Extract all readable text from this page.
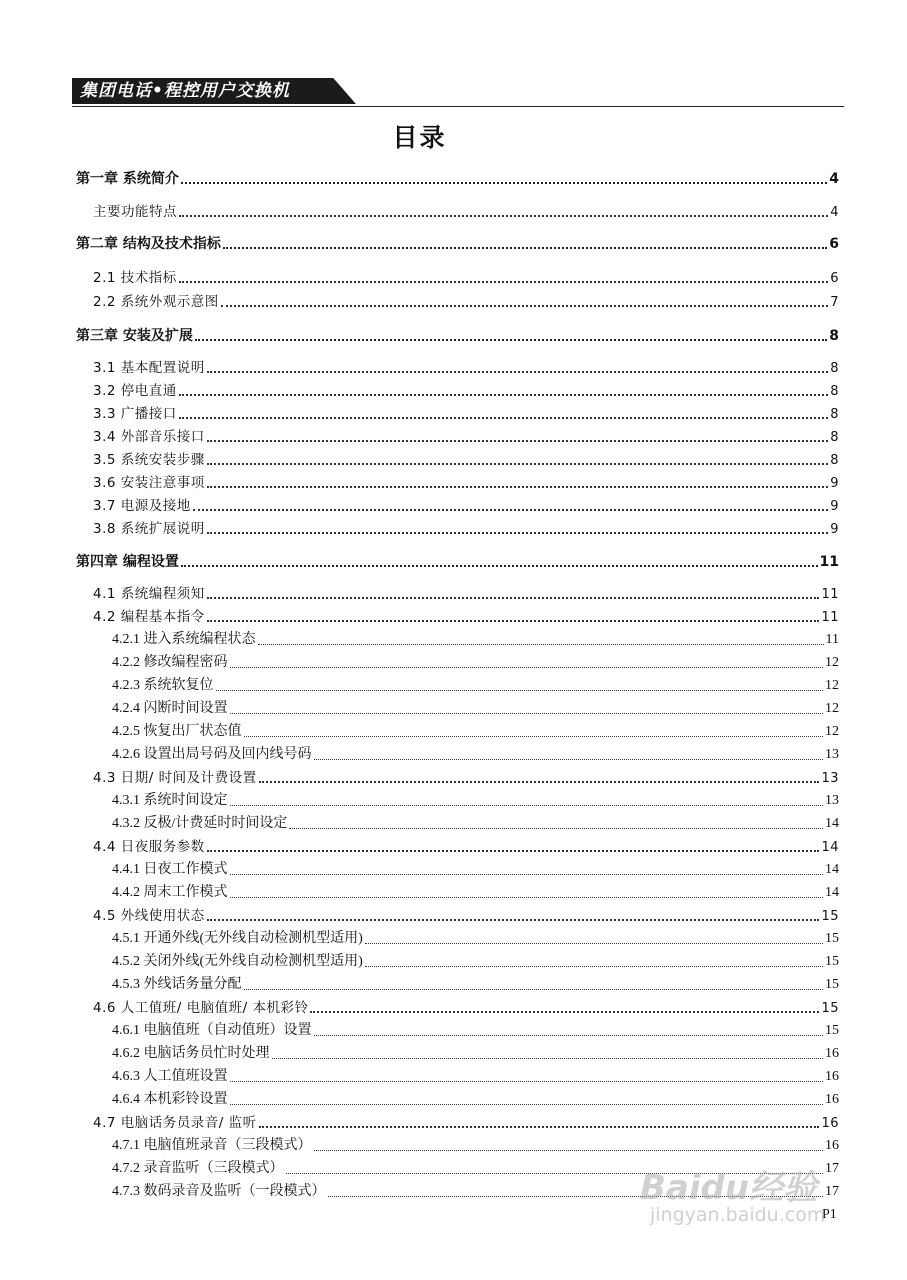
集团电话•程控用户交换机
目录
第一章 系统简介	4
主要功能特点	4
第二章 结构及技术指标	6
2.1 技术指标	6
2.2 系统外观示意图	7
第三章 安装及扩展	8
3.1 基本配置说明	8
3.2 停电直通	8
3.3 广播接口	8
3.4 外部音乐接口	8
3.5 系统安装步骤	8
3.6 安装注意事项	9
3.7 电源及接地	9
3.8 系统扩展说明	9
第四章 编程设置	11
4.1 系统编程须知	11
4.2 编程基本指令	11
4.2.1 进入系统编程状态	11
4.2.2 修改编程密码	12
4.2.3 系统软复位	12
4.2.4 闪断时间设置	12
4.2.5 恢复出厂状态值	12
4.2.6 设置出局号码及回内线号码	13
4.3 日期/ 时间及计费设置	13
4.3.1 系统时间设定	13
4.3.2 反极/计费延时时间设定	14
4.4 日夜服务参数	14
4.4.1 日夜工作模式	14
4.4.2 周末工作模式	14
4.5 外线使用状态	15
4.5.1 开通外线(无外线自动检测机型适用)	15
4.5.2 关闭外线(无外线自动检测机型适用)	15
4.5.3 外线话务量分配	15
4.6 人工值班/ 电脑值班/ 本机彩铃	15
4.6.1 电脑值班（自动值班）设置	15
4.6.2 电脑话务员忙时处理	16
4.6.3 人工值班设置	16
4.6.4 本机彩铃设置	16
4.7 电脑话务员录音/ 监听	16
4.7.1 电脑值班录音（三段模式）	16
4.7.2 录音监听（三段模式）	17
4.7.3 数码录音及监听（一段模式）	17
P1
Baidu经验
jingyan.baidu.com
